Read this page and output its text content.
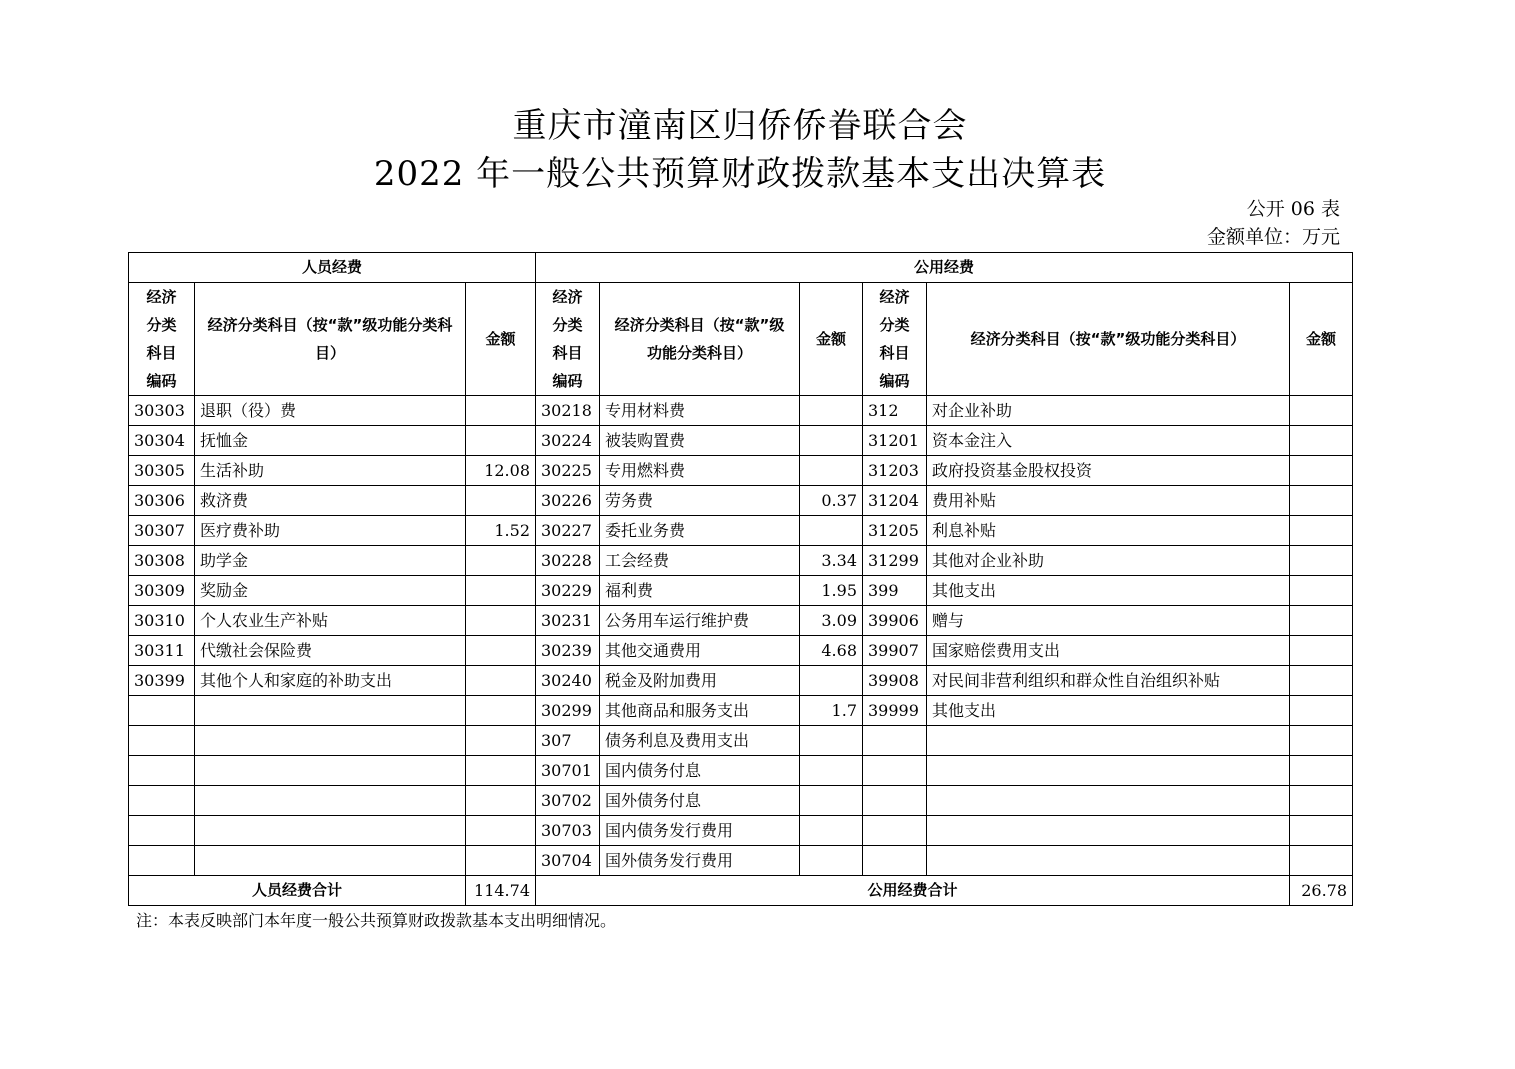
重庆市潼南区归侨侨眷联合会
2022 年一般公共预算财政拨款基本支出决算表
公开 06 表
金额单位：万元
人员经费			公用经费					

经济
分类
科目
编码	经济分类科目（按“款”级功能分类科目）	金额	经济
分类
科目
编码	经济分类科目（按“款”级功能分类科目）	金额	经济
分类
科目
编码	经济分类科目（按“款”级功能分类科目）	金额
30303	退职（役）费		30218	专用材料费		312	对企业补助	
30304	抚恤金		30224	被装购置费		31201	资本金注入	
30305	生活补助	12.08	30225	专用燃料费		31203	政府投资基金股权投资	
30306	救济费		30226	劳务费	0.37	31204	费用补贴	
30307	医疗费补助	1.52	30227	委托业务费		31205	利息补贴	
30308	助学金		30228	工会经费	3.34	31299	其他对企业补助	
30309	奖励金		30229	福利费	1.95	399	其他支出	
30310	个人农业生产补贴		30231	公务用车运行维护费	3.09	39906	赠与	
30311	代缴社会保险费		30239	其他交通费用	4.68	39907	国家赔偿费用支出	
30399	其他个人和家庭的补助支出		30240	税金及附加费用		39908	对民间非营利组织和群众性自治组织补贴	
			30299	其他商品和服务支出	1.7	39999	其他支出	
			307	债务利息及费用支出				
			30701	国内债务付息				
			30702	国外债务付息				
			30703	国内债务发行费用				
			30704	国外债务发行费用				
人员经费合计		114.74	公用经费合计					26.78
注：本表反映部门本年度一般公共预算财政拨款基本支出明细情况。
